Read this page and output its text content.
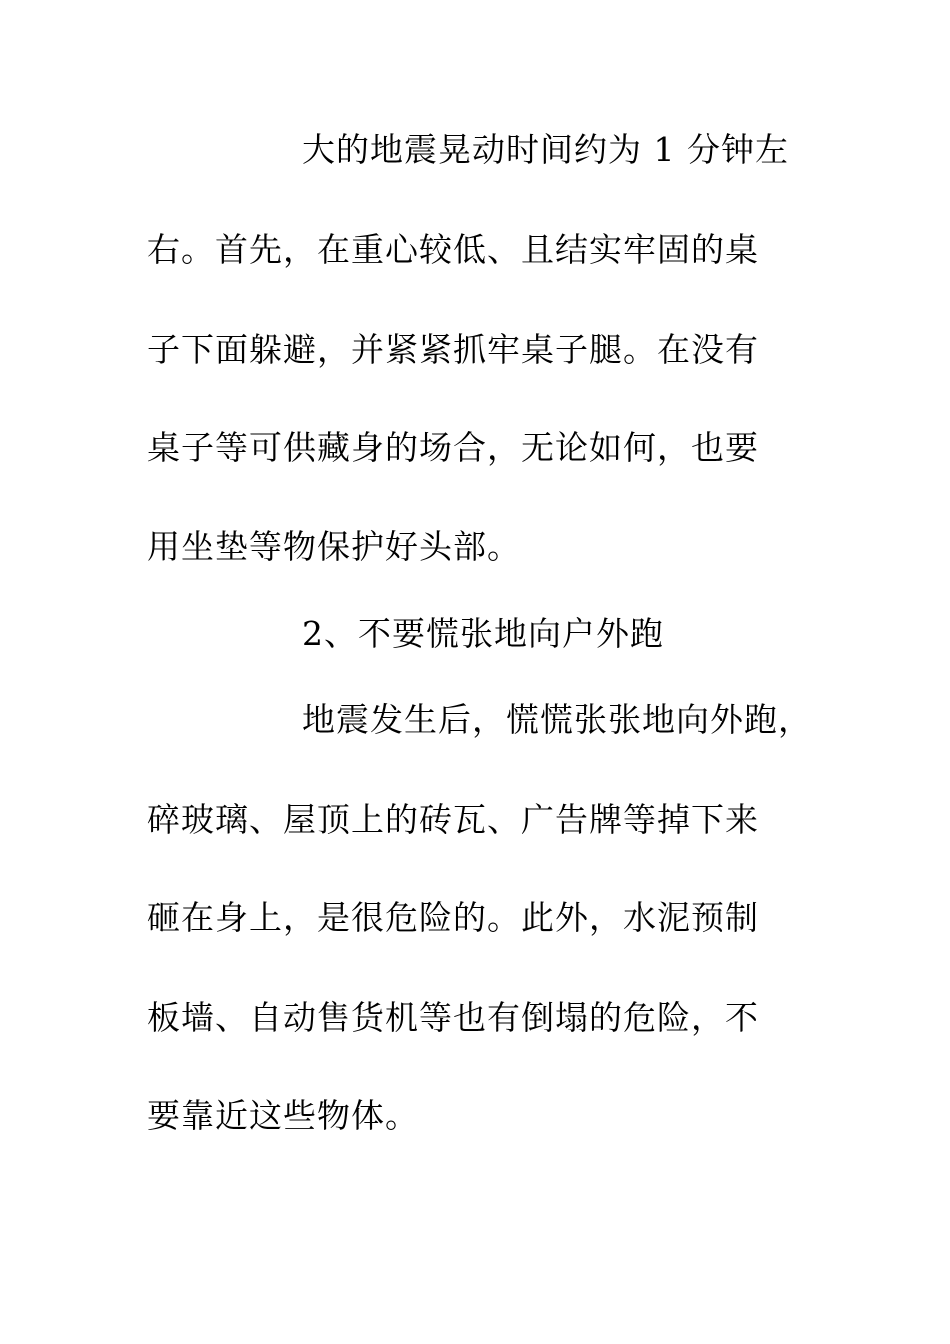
大的地震晃动时间约为 1 分钟左
右。首先，在重心较低、且结实牢固的桌
子下面躲避，并紧紧抓牢桌子腿。在没有
桌子等可供藏身的场合，无论如何，也要
用坐垫等物保护好头部。
2、不要慌张地向户外跑
地震发生后，慌慌张张地向外跑，
碎玻璃、屋顶上的砖瓦、广告牌等掉下来
砸在身上，是很危险的。此外，水泥预制
板墙、自动售货机等也有倒塌的危险，不
要靠近这些物体。
